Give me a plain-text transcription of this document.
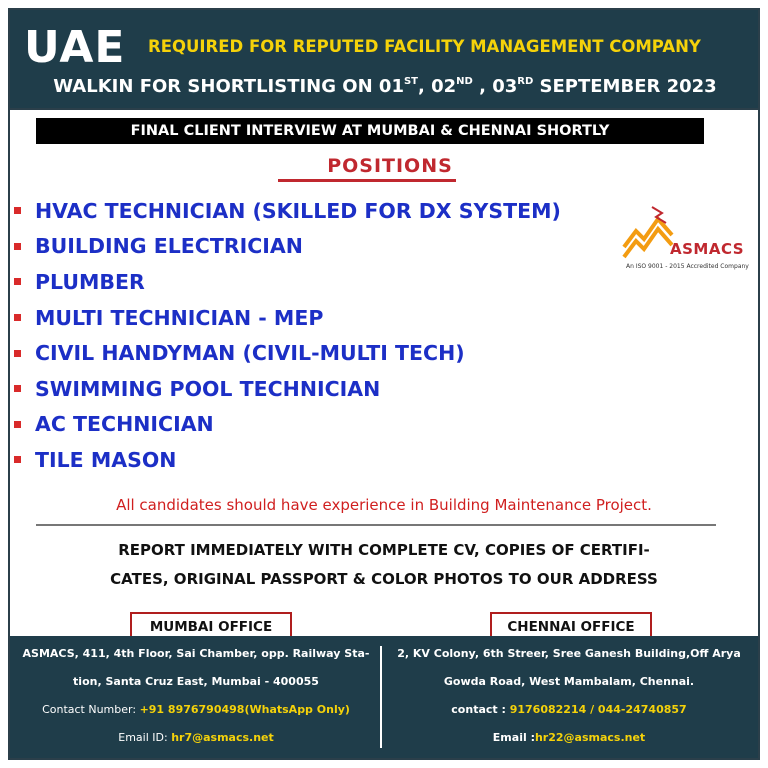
UAE REQUIRED FOR REPUTED FACILITY MANAGEMENT COMPANY
WALKIN FOR SHORTLISTING ON 01ST, 02ND , 03RD SEPTEMBER 2023
FINAL CLIENT INTERVIEW AT MUMBAI & CHENNAI SHORTLY
POSITIONS
HVAC TECHNICIAN (SKILLED FOR DX SYSTEM)
BUILDING ELECTRICIAN
PLUMBER
MULTI TECHNICIAN - MEP
CIVIL HANDYMAN (CIVIL-MULTI TECH)
SWIMMING POOL TECHNICIAN
AC TECHNICIAN
TILE MASON
ASMACS
An ISO 9001 - 2015 Accredited Company
All candidates should have experience in Building Maintenance Project.
REPORT IMMEDIATELY WITH COMPLETE CV, COPIES OF CERTIFI-
CATES, ORIGINAL PASSPORT & COLOR PHOTOS TO OUR ADDRESS
MUMBAI OFFICE	CHENNAI OFFICE
ASMACS, 411, 4th Floor, Sai Chamber, opp. Railway Sta-
tion, Santa Cruz East, Mumbai - 400055
Contact Number: +91 8976790498(WhatsApp Only)
Email ID: hr7@asmacs.net
2, KV Colony, 6th Streer, Sree Ganesh Building,Off Arya
Gowda Road, West Mambalam, Chennai.
contact : 9176082214 / 044-24740857
Email :hr22@asmacs.net
